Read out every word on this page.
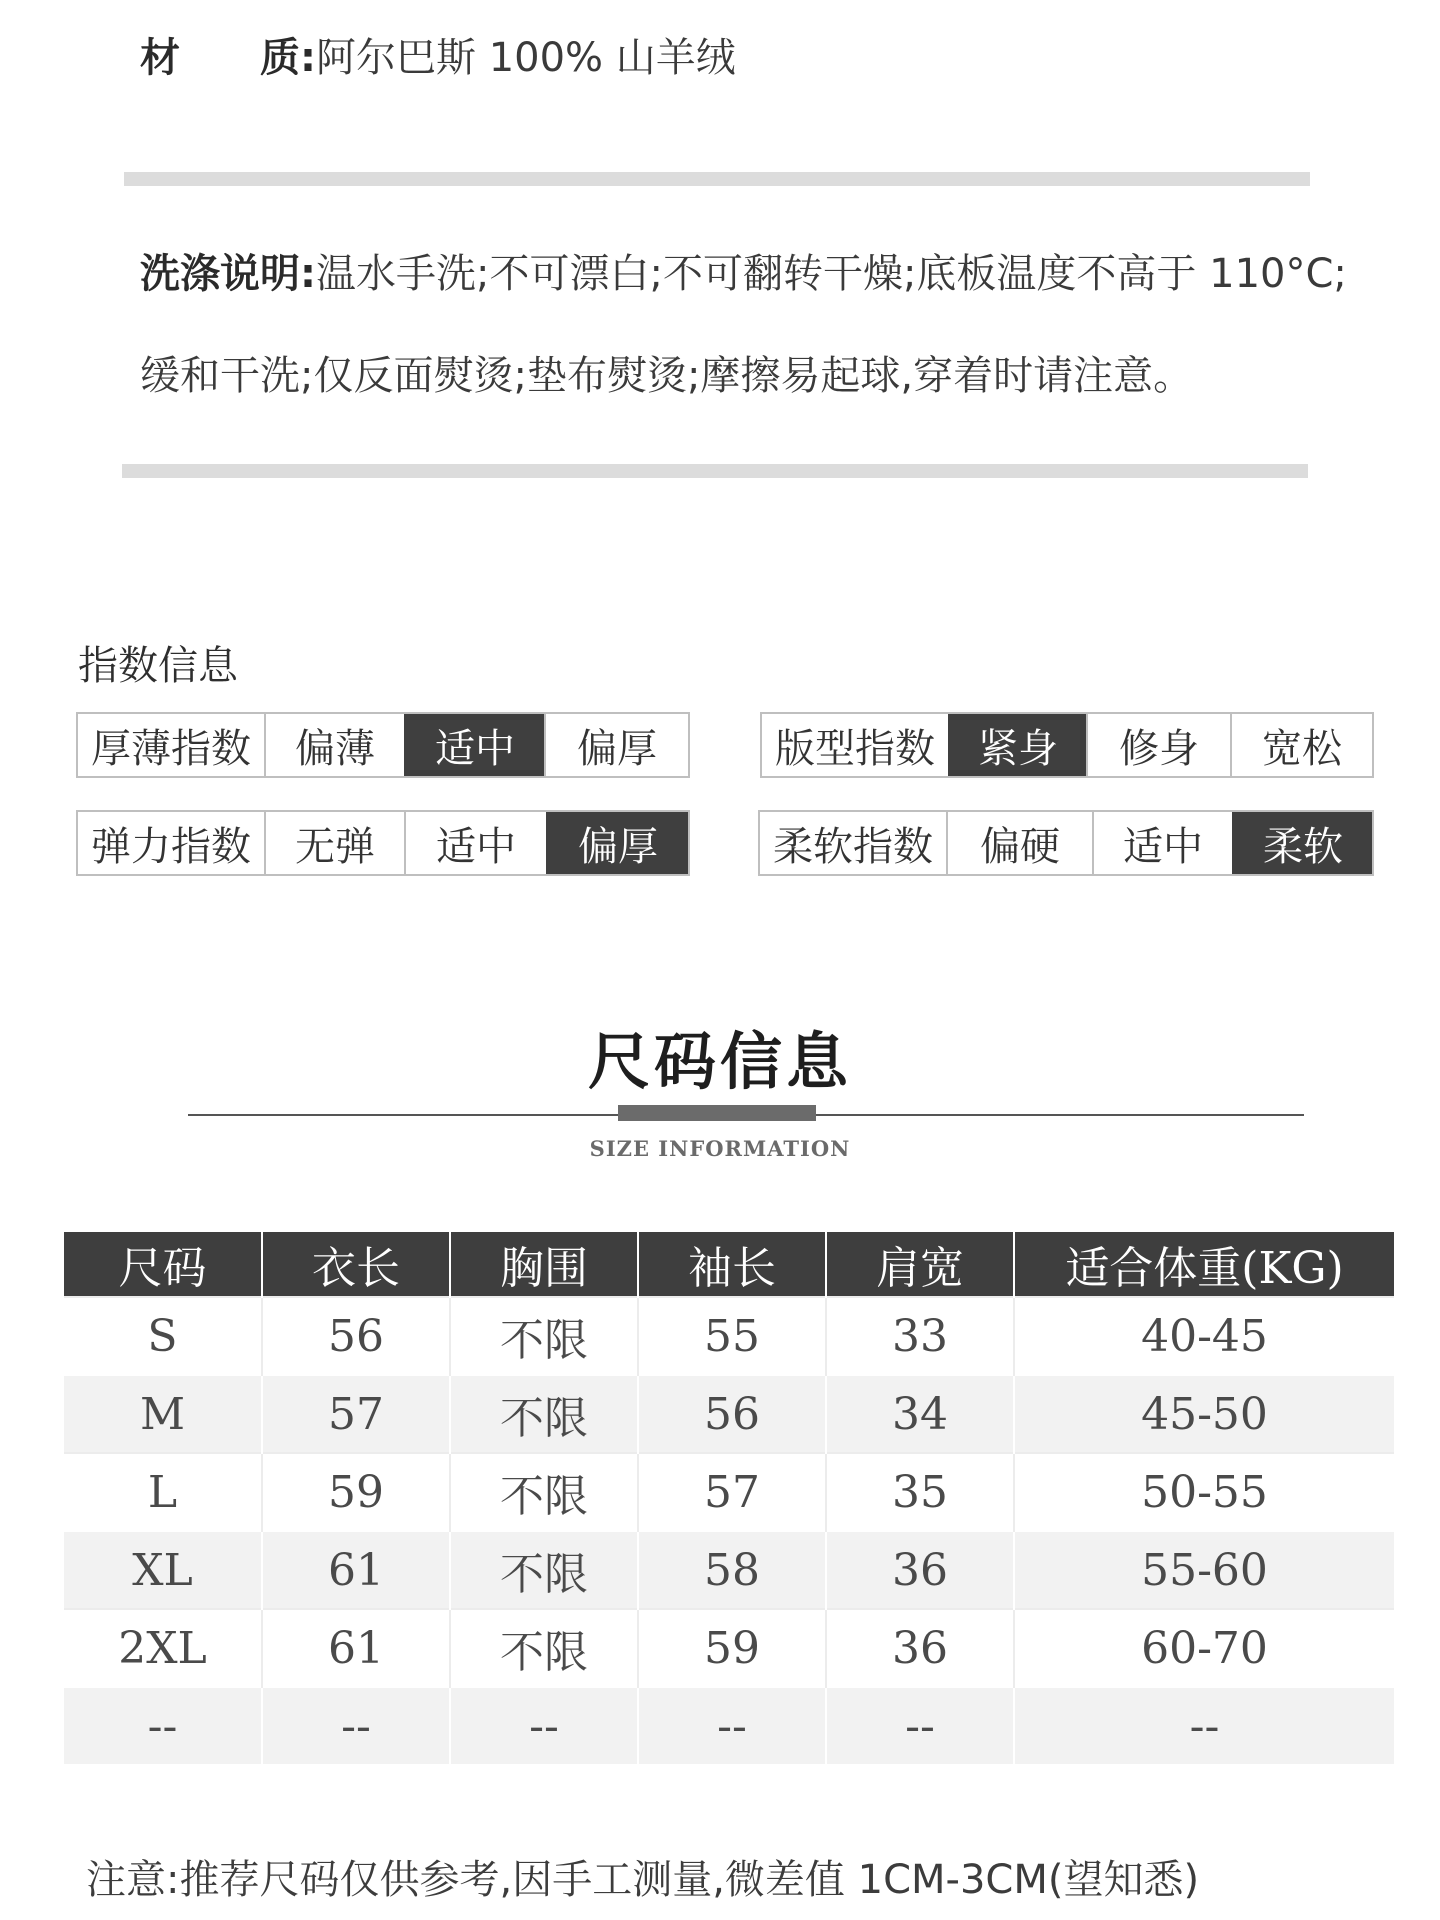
材 质:阿尔巴斯 100% 山羊绒
洗涤说明:温水手洗;不可漂白;不可翻转干燥;底板温度不高于 110°C;
缓和干洗;仅反面熨烫;垫布熨烫;摩擦易起球,穿着时请注意。
指数信息
厚薄指数	偏薄	适中	偏厚	版型指数	紧身	修身	宽松
弹力指数	无弹	适中	偏厚	柔软指数	偏硬	适中	柔软
尺码信息
SIZE INFORMATION
尺码	衣长	胸围	袖长	肩宽	适合体重(KG)
S	56	不限	55	33	40-45
M	57	不限	56	34	45-50
L	59	不限	57	35	50-55
XL	61	不限	58	36	55-60
2XL	61	不限	59	36	60-70
--	--	--	--	--	--
注意:推荐尺码仅供参考,因手工测量,微差值 1CM-3CM(望知悉)
